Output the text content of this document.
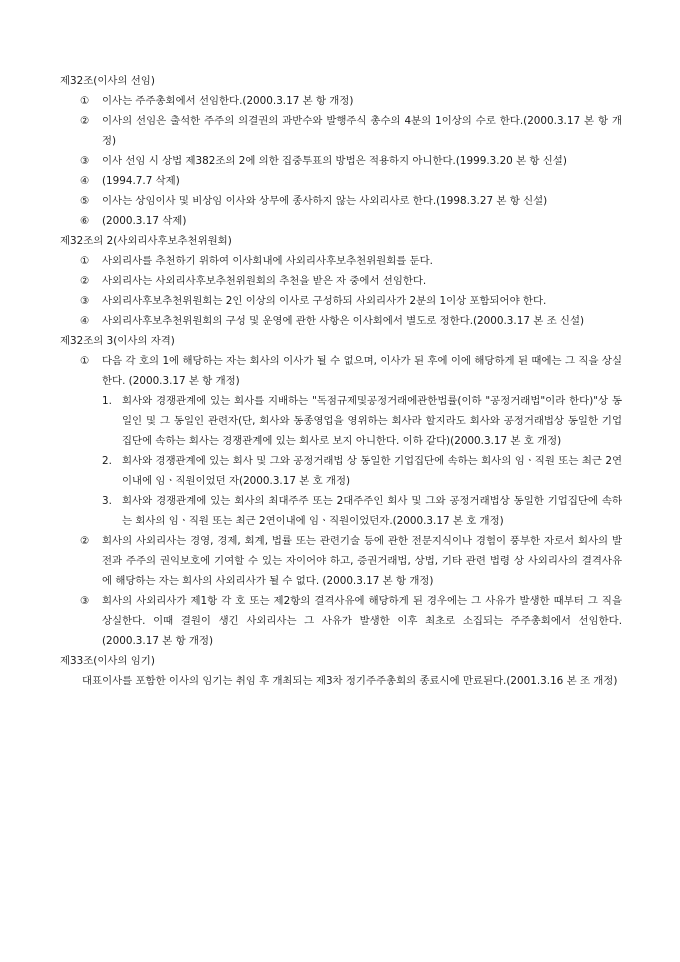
제32조(이사의 선임)
①	이사는 주주총회에서 선임한다.(2000.3.17 본 항 개정)
②	이사의 선임은 출석한 주주의 의결권의 과반수와 발행주식 총수의 4분의 1이상의 수로 한다.(2000.3.17 본 항 개정)
③	이사 선임 시 상법 제382조의 2에 의한 집중투표의 방법은 적용하지 아니한다.(1999.3.20 본 항 신설)
④	(1994.7.7 삭제)
⑤	이사는 상임이사 및 비상임 이사와 상무에 종사하지 않는 사외리사로 한다.(1998.3.27 본 항 신설)
⑥	(2000.3.17 삭제)
제32조의 2(사외리사후보추천위원회)
①	사외리사를 추천하기 위하여 이사회내에 사외리사후보추천위원회를 둔다.
②	사외리사는 사외리사후보추천위원회의 추천을 받은 자 중에서 선임한다.
③	사외리사후보추천위원회는 2인 이상의 이사로 구성하되 사외리사가 2분의 1이상 포함되어야 한다.
④	사외리사후보추천위원회의 구성 및 운영에 관한 사항은 이사회에서 별도로 정한다.(2000.3.17 본 조 신설)
제32조의 3(이사의 자격)
①	다음 각 호의 1에 해당하는 자는 회사의 이사가 될 수 없으며, 이사가 된 후에 이에 해당하게 된 때에는 그 직을 상실한다. (2000.3.17 본 항 개정)
1. 회사와 경쟁관계에 있는 회사를 지배하는 "독점규제및공정거래에관한법률(이하 "공정거래법"이라 한다)"상 동일인 및 그 동일인 관련자(단, 회사와 동종영업을 영위하는 회사라 할지라도 회사와 공정거래법상 동일한 기업집단에 속하는 회사는 경쟁관계에 있는 회사로 보지 아니한다. 이하 같다)(2000.3.17 본 호 개정)
2. 회사와 경쟁관계에 있는 회사 및 그와 공정거래법 상 동일한 기업집단에 속하는 회사의 임ㆍ직원 또는 최근 2연이내에 임ㆍ직원이었던 자(2000.3.17 본 호 개정)
3. 회사와 경쟁관계에 있는 회사의 최대주주 또는 2대주주인 회사 및 그와 공정거래법상 동일한 기업집단에 속하는 회사의 임ㆍ직원 또는 최근 2연이내에 임ㆍ직원이었던자.(2000.3.17 본 호 개정)
②	회사의 사외리사는 경영, 경제, 회계, 법률 또는 관련기술 등에 관한 전문지식이나 경험이 풍부한 자로서 회사의 발전과 주주의 권익보호에 기여할 수 있는 자이어야 하고, 증권거래법, 상법, 기타 관련 법령 상 사외리사의 결격사유에 해당하는 자는 회사의 사외리사가 될 수 없다. (2000.3.17 본 항 개정)
③	회사의 사외리사가 제1항 각 호 또는 제2항의 결격사유에 해당하게 된 경우에는 그 사유가 발생한 때부터 그 직을 상실한다. 이때 결원이 생긴 사외리사는 그 사유가 발생한 이후 최초로 소집되는 주주총회에서 선임한다.(2000.3.17 본 항 개정)
제33조(이사의 임기)
대표이사를 포함한 이사의 임기는 취임 후 개최되는 제3차 정기주주총회의 종료시에 만료된다.(2001.3.16 본 조 개정)
